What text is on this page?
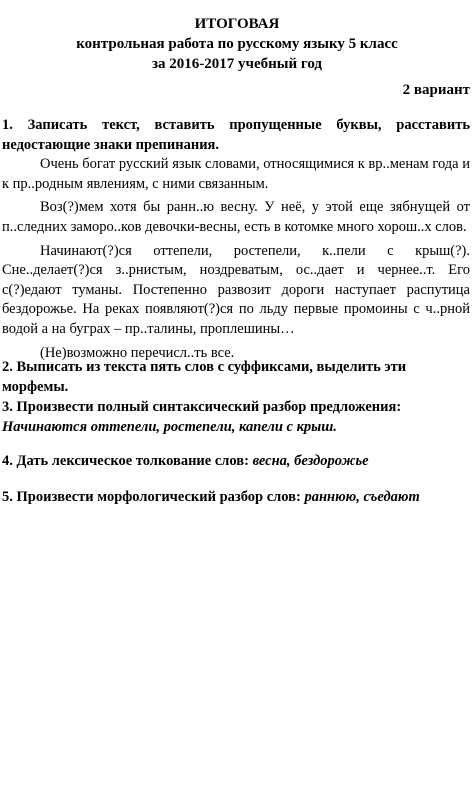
ИТОГОВАЯ
контрольная работа по русскому языку 5 класс
за 2016-2017 учебный год
2 вариант

1. Записать текст, вставить пропущенные буквы, расставить недостающие знаки препинания.

Очень богат русский язык словами, относящимися к вр..менам года и к пр..родным явлениям, с ними связанным.

Воз(?)мем хотя бы ранн..ю весну. У неё, у этой еще зябнущей от п..следних заморо..ков девочки-весны, есть в котомке много хорош..х слов.

Начинают(?)ся оттепели, ростепели, к..пели с крыш(?). Сне..делает(?)ся з..рнистым, ноздреватым, ос..дает и чернее..т. Его с(?)едают туманы. Постепенно развозит дороги наступает распутица бездорожье. На реках появляют(?)ся по льду первые промоины с ч..рной водой а на буграх – пр..талины, проплешины…

(Не)возможно перечисл..ть все.

2. Выписать из текста пять слов с суффиксами, выделить эти морфемы.

3. Произвести полный синтаксический разбор предложения:

Начинаются оттепели, ростепели, капели с крыш.

4. Дать лексическое толкование слов: весна, бездорожье

5. Произвести морфологический разбор слов: раннюю, съедают
